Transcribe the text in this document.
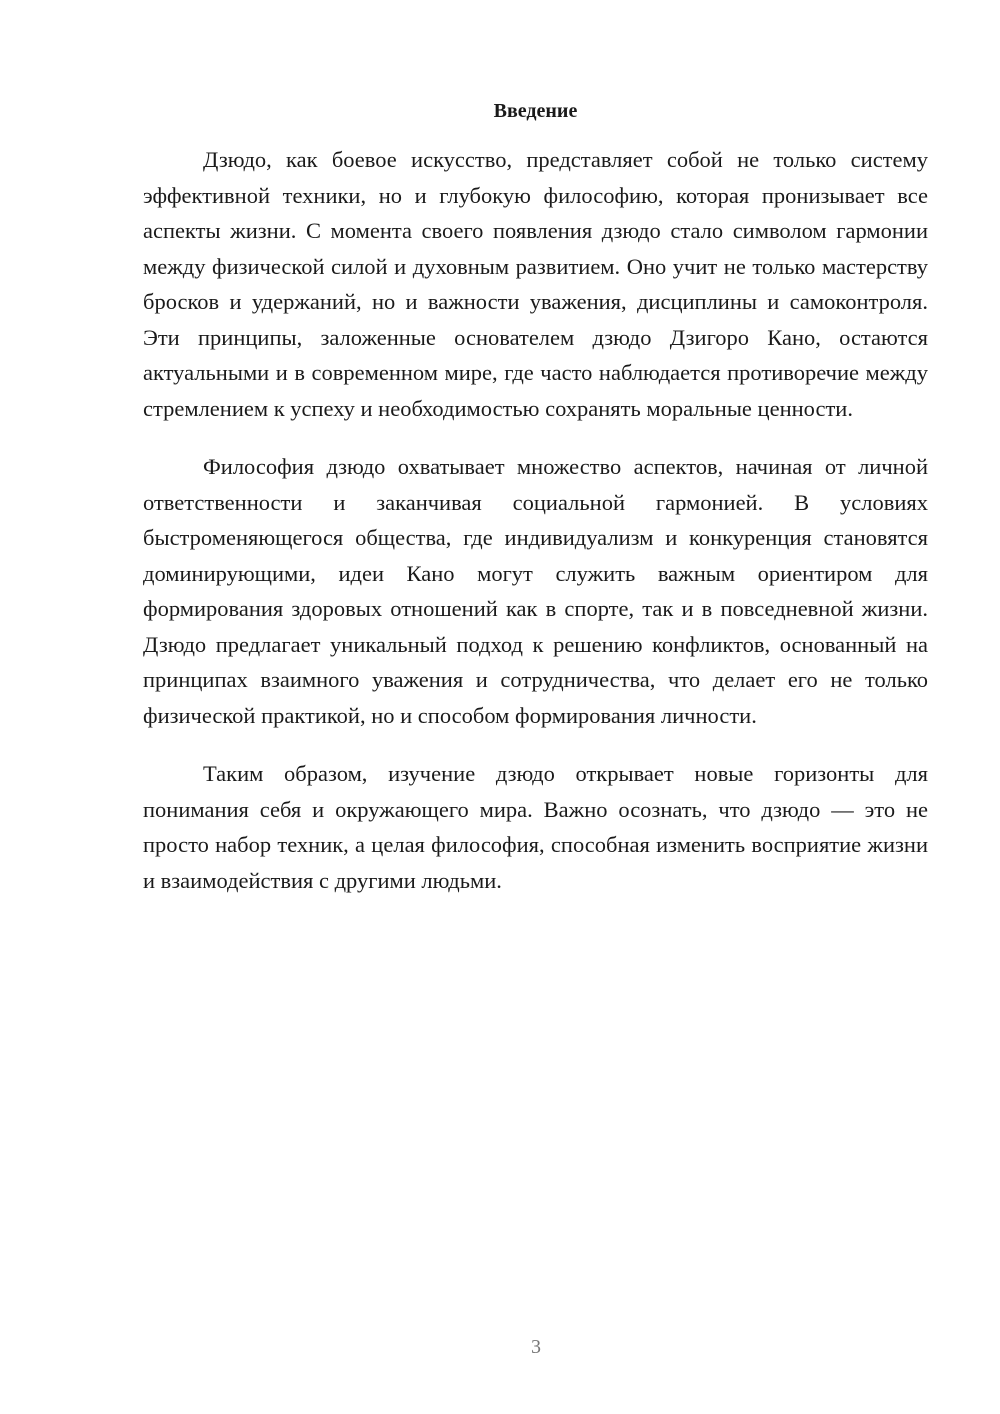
Введение

Дзюдо, как боевое искусство, представляет собой не только систему эффективной техники, но и глубокую философию, которая пронизывает все аспекты жизни. С момента своего появления дзюдо стало символом гармонии между физической силой и духовным развитием. Оно учит не только мастерству бросков и удержаний, но и важности уважения, дисциплины и самоконтроля. Эти принципы, заложенные основателем дзюдо Дзигоро Кано, остаются актуальными и в современном мире, где часто наблюдается противоречие между стремлением к успеху и необходимостью сохранять моральные ценности.

Философия дзюдо охватывает множество аспектов, начиная от личной ответственности и заканчивая социальной гармонией. В условиях быстроменяющегося общества, где индивидуализм и конкуренция становятся доминирующими, идеи Кано могут служить важным ориентиром для формирования здоровых отношений как в спорте, так и в повседневной жизни. Дзюдо предлагает уникальный подход к решению конфликтов, основанный на принципах взаимного уважения и сотрудничества, что делает его не только физической практикой, но и способом формирования личности.

Таким образом, изучение дзюдо открывает новые горизонты для понимания себя и окружающего мира. Важно осознать, что дзюдо — это не просто набор техник, а целая философия, способная изменить восприятие жизни и взаимодействия с другими людьми.

3
